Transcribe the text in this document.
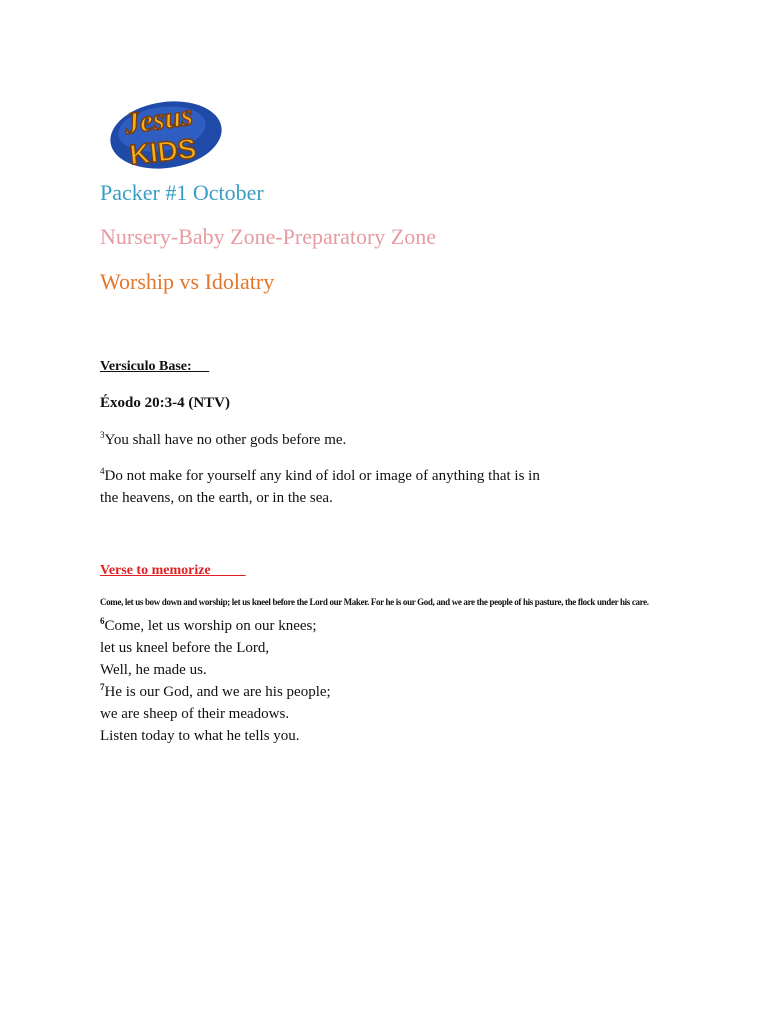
Jesus
KIDS
Packer #1 October
Nursery-Baby Zone-Preparatory Zone
Worship vs Idolatry
Versiculo Base:
Éxodo 20:3-4 (NTV)
$^3$You shall have no other gods before me.
$^4$Do not make for yourself any kind of idol or image of anything that is in the heavens, on the earth, or in the sea.
Verse to memorize
Come, let us bow down and worship; let us kneel before the Lord our Maker. For he is our God, and we are the people of his pasture, the flock under his care.
$^6$Come, let us worship on our knees;
let us kneel before the Lord,
Well, he made us.
$^7$He is our God, and we are his people;
we are sheep of their meadows.
Listen today to what he tells you.
